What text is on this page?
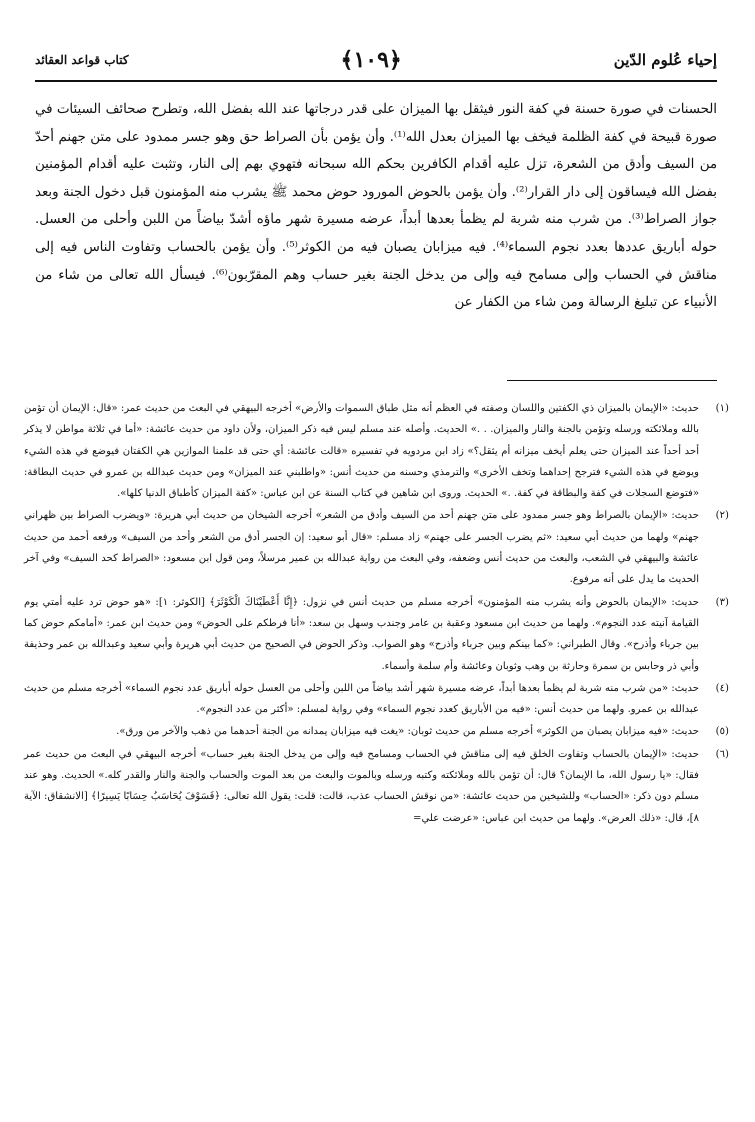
إحياء عُلوم الدّين
﴿١٠٩﴾
كتاب قواعد العقائد

الحسنات في صورة حسنة في كفة النور فيثقل بها الميزان على قدر درجاتها عند الله بفضل الله، وتطرح صحائف السيئات في صورة قبيحة في كفة الظلمة فيخف بها الميزان بعدل الله⁽¹⁾. وأن يؤمن بأن الصراط حق وهو جسر ممدود على متن جهنم أحدّ من السيف وأدق من الشعرة، تزل عليه أقدام الكافرين بحكم الله سبحانه فتهوي بهم إلى النار، وتثبت عليه أقدام المؤمنين بفضل الله فيساقون إلى دار القرار⁽²⁾. وأن يؤمن بالحوض المورود حوض محمد ﷺ يشرب منه المؤمنون قبل دخول الجنة وبعد جواز الصراط⁽³⁾. من شرب منه شربة لم يظمأ بعدها أبداً، عرضه مسيرة شهر ماؤه أشدّ بياضاً من اللبن وأحلى من العسل. حوله أباريق عددها بعدد نجوم السماء⁽⁴⁾. فيه ميزابان يصبان فيه من الكوثر⁽⁵⁾. وأن يؤمن بالحساب وتفاوت الناس فيه إلى مناقش في الحساب وإلى مسامح فيه وإلى من يدخل الجنة بغير حساب وهم المقرّبون⁽⁶⁾. فيسأل الله تعالى من شاء من الأنبياء عن تبليغ الرسالة ومن شاء من الكفار عن

(١)
حديث: «الإيمان بالميزان ذي الكفتين واللسان وصفته في العظم أنه مثل طباق السموات والأرض» أخرجه البيهقي في البعث من حديث عمر: «قال: الإيمان أن تؤمن بالله وملائكته ورسله وتؤمن بالجنة والنار والميزان. . .» الحديث. وأصله عند مسلم ليس فيه ذكر الميزان، ولأن داود من حديث عائشة: «أما في ثلاثة مواطن لا يذكر أحد أحداً عند الميزان حتى يعلم أيخف ميزانه أم يثقل؟» زاد ابن مردويه في تفسيره «قالت عائشة: أي حتى قد علمنا الموازين هي الكفتان فيوضع في هذه الشيء ويوضع في هذه الشيء فترجح إحداهما وتخف الأخرى» والترمذي وحسنه من حديث أنس: «واطلبني عند الميزان» ومن حديث عبدالله بن عمرو في حديث البطاقة: «فتوضع السجلات في كفة والبطاقة في كفة. .» الحديث. وروى ابن شاهين في كتاب السنة عن ابن عباس: «كفة الميزان كأطباق الدنيا كلها».
(٢)
حديث: «الإيمان بالصراط وهو جسر ممدود على متن جهنم أحد من السيف وأدق من الشعر» أخرجه الشيخان من حديث أبي هريرة: «ويضرب الصراط بين ظهراني جهنم» ولهما من حديث أبي سعيد: «ثم يضرب الجسر على جهنم» زاد مسلم: «قال أبو سعيد: إن الجسر أدق من الشعر وأحد من السيف» ورفعه أحمد من حديث عائشة والبيهقي في الشعب، والبعث من حديث أنس وضعفه، وفي البعث من رواية عبدالله بن عمير مرسلاً، ومن قول ابن مسعود: «الصراط كحد السيف» وفي آخر الحديث ما يدل على أنه مرفوع.
(٣)
حديث: «الإيمان بالحوض وأنه يشرب منه المؤمنون» أخرجه مسلم من حديث أنس في نزول: ﴿إِنَّا أَعْطَيْنَاكَ الْكَوْثَرَ﴾ [الكوثر: ١]: «هو حوض ترد عليه أمتي يوم القيامة آنيته عدد النجوم». ولهما من حديث ابن مسعود وعقبة بن عامر وجندب وسهل بن سعد: «أنا فرطكم على الحوض» ومن حديث ابن عمر: «أمامكم حوض كما بين جرباء وأذرح». وقال الطبراني: «كما بينكم وبين جرباء وأذرح» وهو الصواب. وذكر الحوض في الصحيح من حديث أبي هريرة وأبي سعيد وعبدالله بن عمر وحذيفة وأبي ذر وحابس بن سمرة وحارثة بن وهب وثوبان وعائشة وأم سلمة وأسماء.
(٤)
حديث: «من شرب منه شربة لم يظمأ بعدها أبداً، عرضه مسيرة شهر أشد بياضاً من اللبن وأحلى من العسل حوله أباريق عدد نجوم السماء» أخرجه مسلم من حديث عبدالله بن عمرو. ولهما من حديث أنس: «فيه من الأباريق كعدد نجوم السماء» وفي رواية لمسلم: «أكثر من عدد النجوم».
(٥)
حديث: «فيه ميزابان يصبان من الكوثر» أخرجه مسلم من حديث ثوبان: «يغت فيه ميزابان يمدانه من الجنة أحدهما من ذهب والآخر من ورق».
(٦)
حديث: «الإيمان بالحساب وتفاوت الخلق فيه إلى مناقش في الحساب ومسامح فيه وإلى من يدخل الجنة بغير حساب» أخرجه البيهقي في البعث من حديث عمر فقال: «يا رسول الله، ما الإيمان؟ قال: أن تؤمن بالله وملائكته وكتبه ورسله وبالموت والبعث من بعد الموت والحساب والجنة والنار والقدر كله.» الحديث. وهو عند مسلم دون ذكر: «الحساب» وللشيخين من حديث عائشة: «من نوقش الحساب عذب، قالت: قلت: يقول الله تعالى: ﴿فَسَوْفَ يُحَاسَبُ حِسَابًا يَسِيرًا﴾ [الانشقاق: الآية ٨]، قال: «ذلك العرض». ولهما من حديث ابن عباس: «عرضت علي=
